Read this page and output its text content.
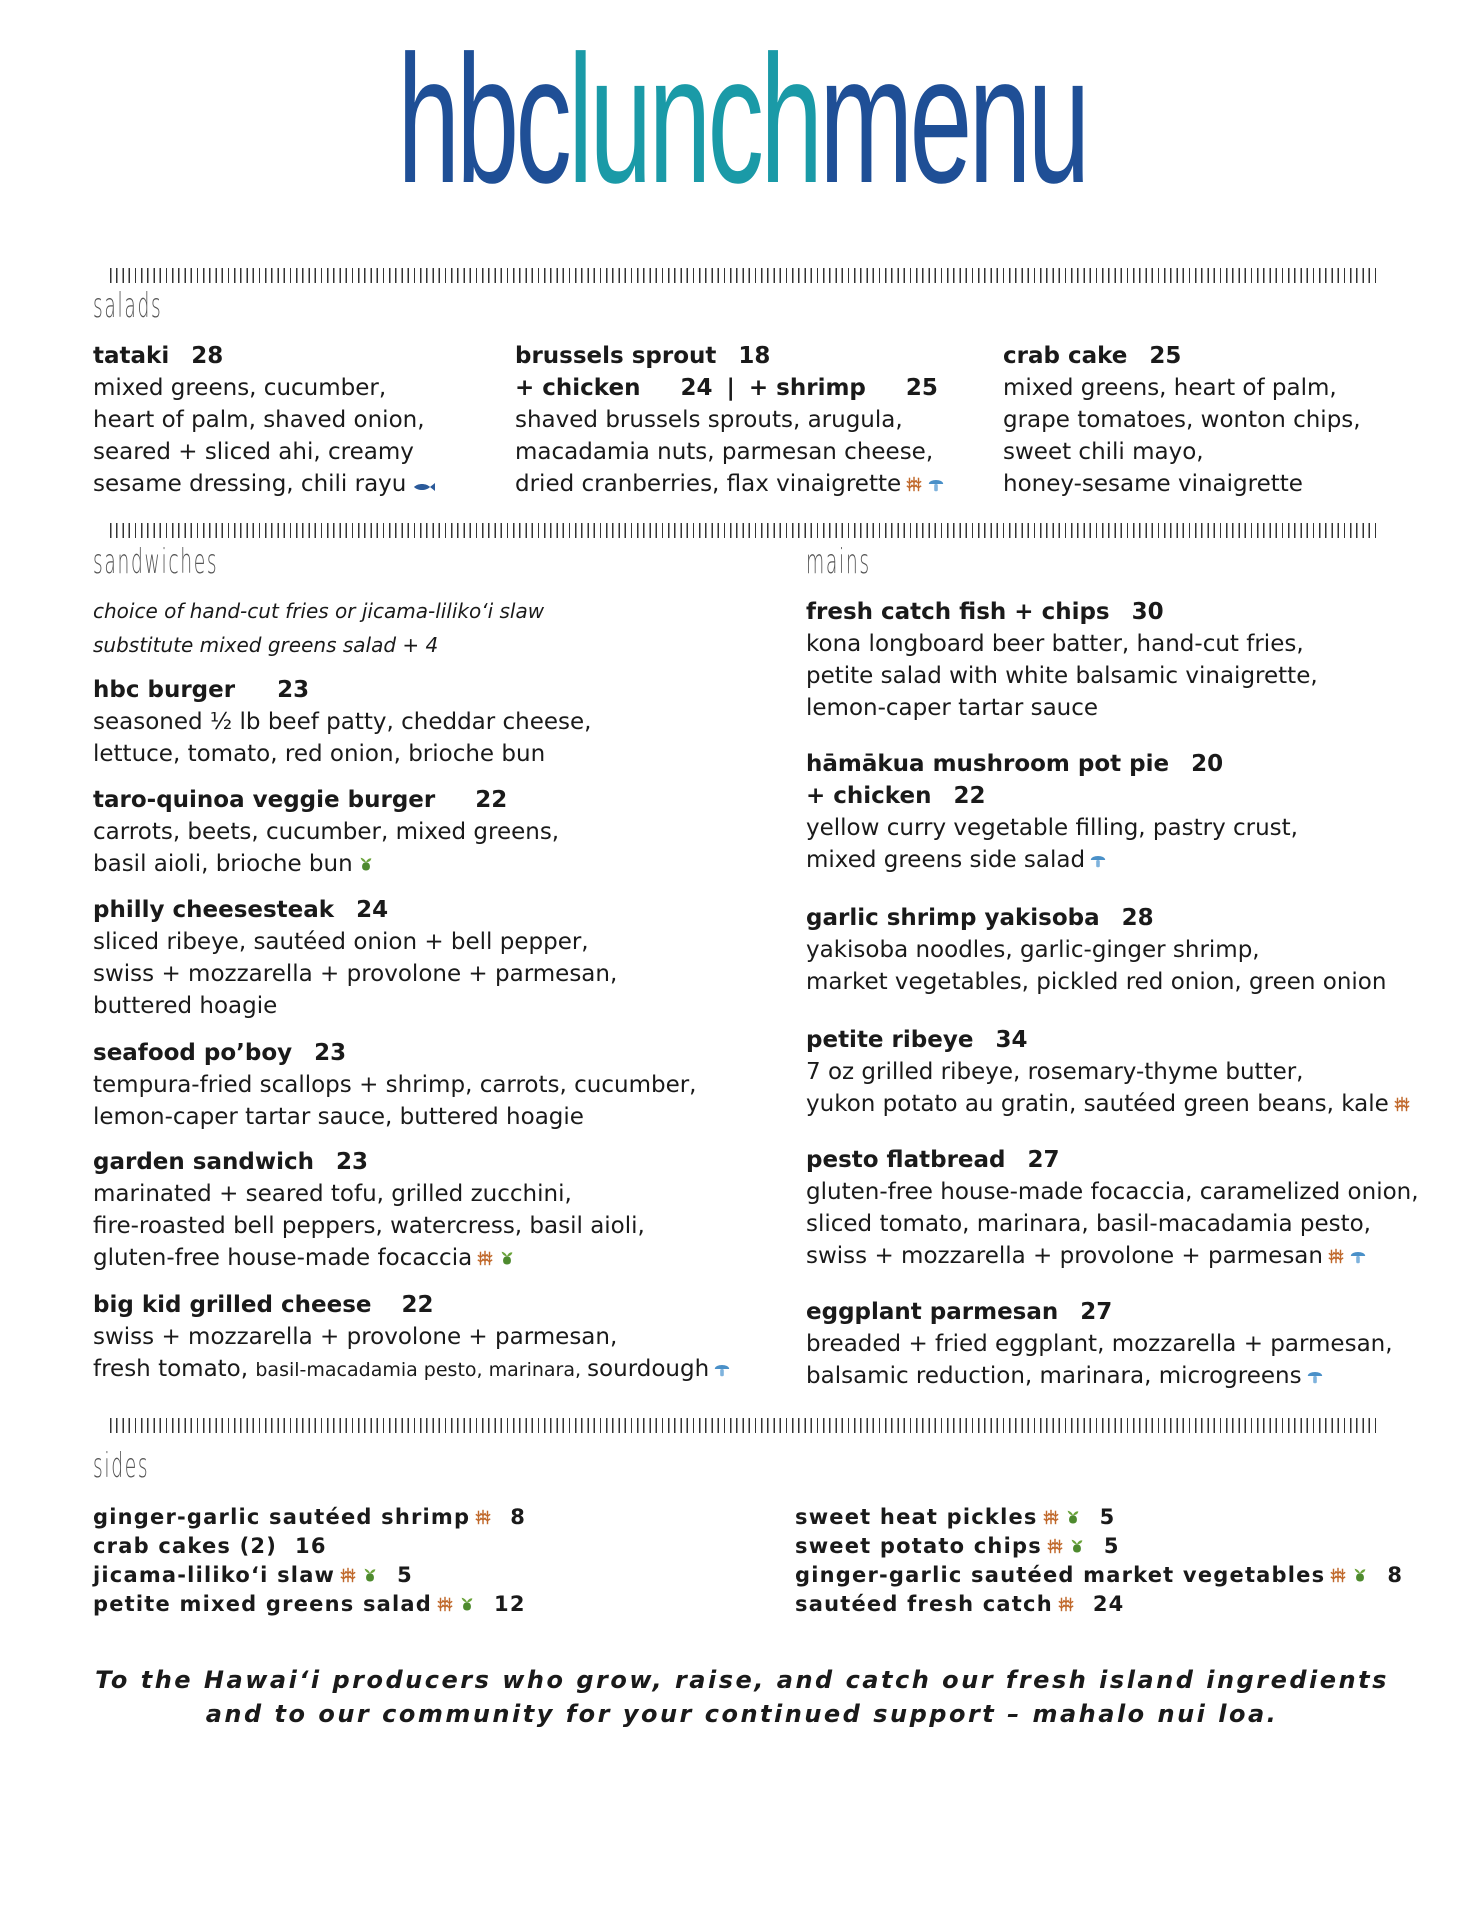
hbclunchmenu
salads
tataki 28
mixed greens, cucumber,
heart of palm, shaved onion,
seared + sliced ahi, creamy
sesame dressing, chili rayu
brussels sprout 18
+ chicken 24 | + shrimp 25
shaved brussels sprouts, arugula,
macadamia nuts, parmesan cheese,
dried cranberries, flax vinaigrette
crab cake 25
mixed greens, heart of palm,
grape tomatoes, wonton chips,
sweet chili mayo,
honey-sesame vinaigrette
sandwiches
choice of hand-cut fries or jicama-lilikoʻi slaw
substitute mixed greens salad + 4
hbc burger 23
seasoned ½ lb beef patty, cheddar cheese,
lettuce, tomato, red onion, brioche bun
taro-quinoa veggie burger 22
carrots, beets, cucumber, mixed greens,
basil aioli, brioche bun
philly cheesesteak 24
sliced ribeye, sautéed onion + bell pepper,
swiss + mozzarella + provolone + parmesan,
buttered hoagie
seafood po’boy 23
tempura-fried scallops + shrimp, carrots, cucumber,
lemon-caper tartar sauce, buttered hoagie
garden sandwich 23
marinated + seared tofu, grilled zucchini,
fire-roasted bell peppers, watercress, basil aioli,
gluten-free house-made focaccia
big kid grilled cheese 22
swiss + mozzarella + provolone + parmesan,
fresh tomato, basil-macadamia pesto, marinara, sourdough
mains
fresh catch fish + chips 30
kona longboard beer batter, hand-cut fries,
petite salad with white balsamic vinaigrette,
lemon-caper tartar sauce
hāmākua mushroom pot pie 20
+ chicken 22
yellow curry vegetable filling, pastry crust,
mixed greens side salad
garlic shrimp yakisoba 28
yakisoba noodles, garlic-ginger shrimp,
market vegetables, pickled red onion, green onion
petite ribeye 34
7 oz grilled ribeye, rosemary-thyme butter,
yukon potato au gratin, sautéed green beans, kale
pesto flatbread 27
gluten-free house-made focaccia, caramelized onion,
sliced tomato, marinara, basil-macadamia pesto,
swiss + mozzarella + provolone + parmesan
eggplant parmesan 27
breaded + fried eggplant, mozzarella + parmesan,
balsamic reduction, marinara, microgreens
sides
ginger-garlic sautéed shrimp 8
crab cakes (2) 16
jicama-lilikoʻi slaw	5
petite mixed greens salad	12
sweet heat pickles	5
sweet potato chips	5
ginger-garlic sautéed market vegetables	8
sautéed fresh catch 24
To the Hawaiʻi producers who grow, raise, and catch our fresh island ingredients
and to our community for your continued support – mahalo nui loa.
